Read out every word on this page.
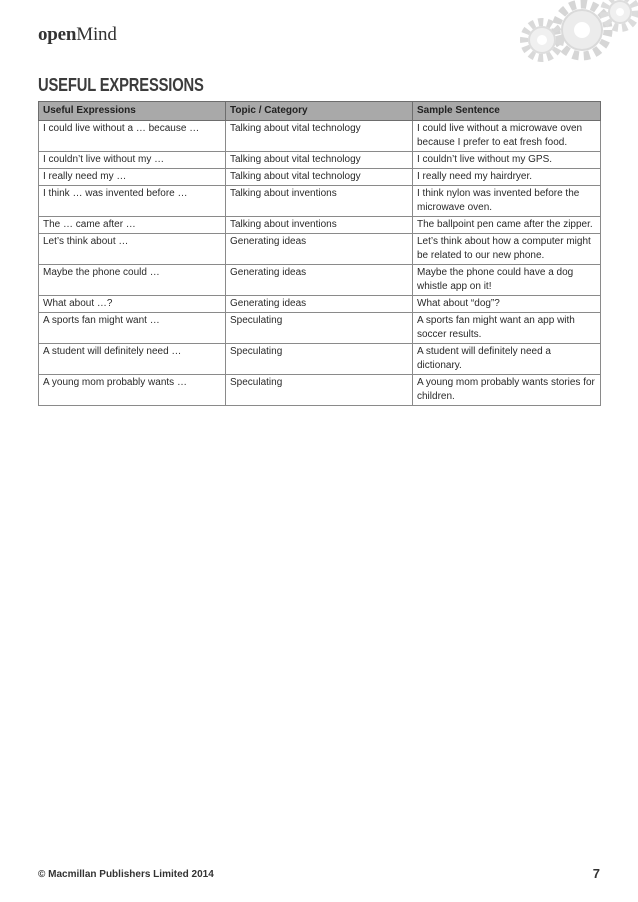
openMind
USEFUL EXPRESSIONS
Useful Expressions	Topic / Category	Sample Sentence
I could live without a … because …	Talking about vital technology	I could live without a microwave oven because I prefer to eat fresh food.
I couldn’t live without my …	Talking about vital technology	I couldn’t live without my GPS.
I really need my …	Talking about vital technology	I really need my hairdryer.
I think … was invented before …	Talking about inventions	I think nylon was invented before the microwave oven.
The … came after …	Talking about inventions	The ballpoint pen came after the zipper.
Let’s think about …	Generating ideas	Let’s think about how a computer might be related to our new phone.
Maybe the phone could …	Generating ideas	Maybe the phone could have a dog whistle app on it!
What about …?	Generating ideas	What about “dog”?
A sports fan might want …	Speculating	A sports fan might want an app with soccer results.
A student will definitely need …	Speculating	A student will definitely need a dictionary.
A young mom probably wants …	Speculating	A young mom probably wants stories for children.
© Macmillan Publishers Limited 2014	7
